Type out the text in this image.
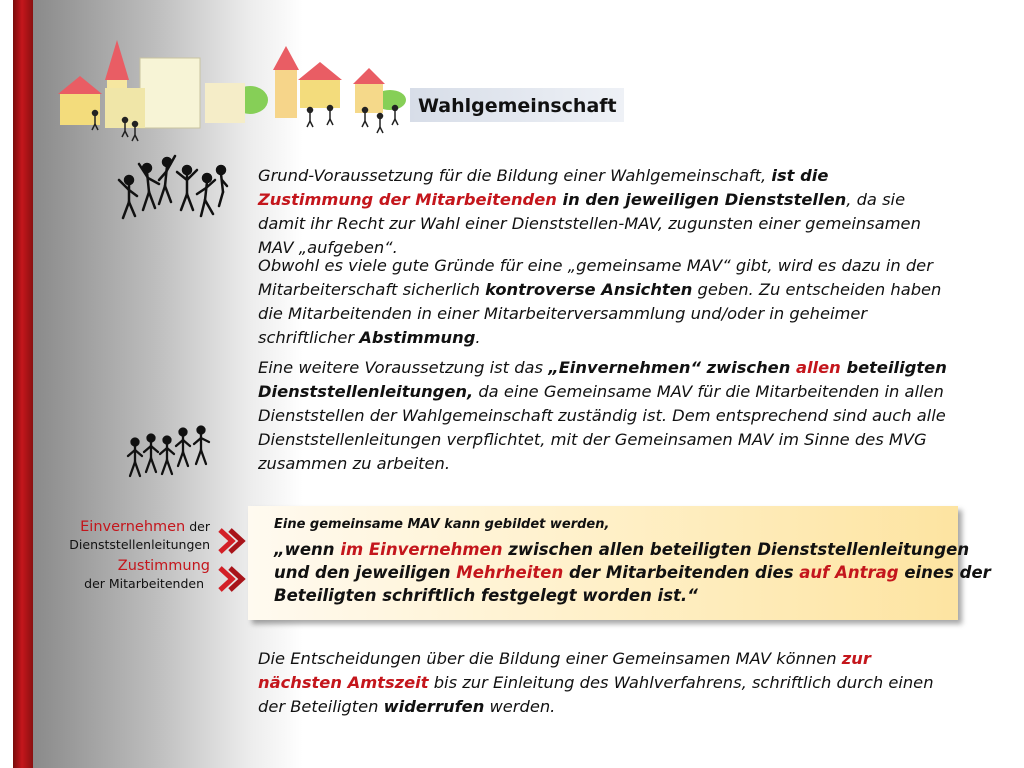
Wahlgemeinschaft

Grund-Voraussetzung für die Bildung einer Wahlgemeinschaft, ist die Zustimmung der Mitarbeitenden in den jeweiligen Dienststellen, da sie damit ihr Recht zur Wahl einer Dienststellen-MAV, zugunsten einer gemeinsamen MAV „aufgeben“.

Obwohl es viele gute Gründe für eine „gemeinsame MAV“ gibt, wird es dazu in der Mitarbeiterschaft sicherlich kontroverse Ansichten geben. Zu entscheiden haben die Mitarbeitenden in einer Mitarbeiterversammlung und/oder in geheimer schriftlicher Abstimmung.

Eine weitere Voraussetzung ist das „Einvernehmen“ zwischen allen beteiligten Dienststellenleitungen, da eine Gemeinsame MAV für die Mitarbeitenden in allen Dienststellen der Wahlgemeinschaft zuständig ist. Dem entsprechend sind auch alle Dienststellenleitungen verpflichtet, mit der Gemeinsamen MAV im Sinne des MVG zusammen zu arbeiten.

Einvernehmen der
Dienststellenleitungen
Zustimmung
der Mitarbeitenden
Eine gemeinsame MAV kann gebildet werden,
„wenn im Einvernehmen zwischen allen beteiligten Dienststellenleitungen
und den jeweiligen Mehrheiten der Mitarbeitenden dies auf Antrag eines der
Beteiligten schriftlich festgelegt worden ist.“

Die Entscheidungen über die Bildung einer Gemeinsamen MAV können zur nächsten Amtszeit bis zur Einleitung des Wahlverfahrens, schriftlich durch einen der Beteiligten widerrufen werden.
